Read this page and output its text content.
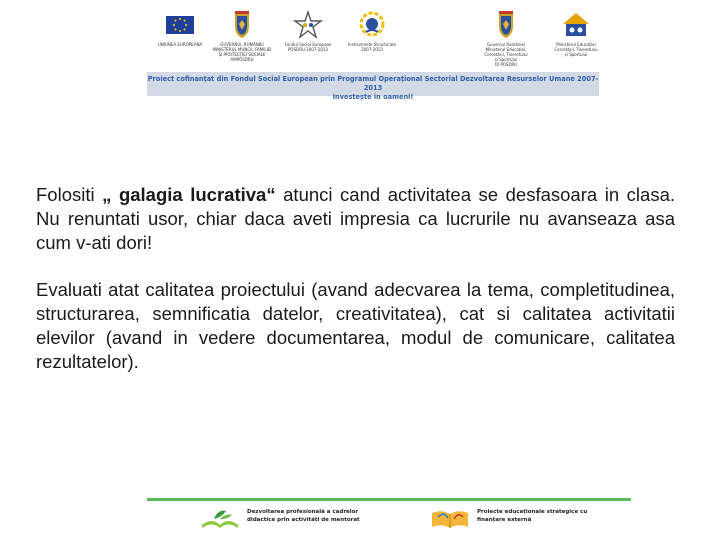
UNIUNEA EUROPEANA	GUVERNUL ROMÂNIEI
MINISTERUL MUNCII, FAMILIEI
ȘI PROTECȚIEI SOCIALE
AMPOSDRU
Fondul Social European
POSDRU 2007-2013
Instrumente Structurale
2007-2013
Guvernul României
Ministerul Educației,
Cercetării, Tineretului
și Sportului
OI POSDRU
Ministerul Educației
Cercetării, Tineretului
și Sportului
Proiect cofinanțat din Fondul Social European prin Programul Operațional Sectorial Dezvoltarea Resurselor Umane 2007-2013
Investește în oameni!

Folositi „ galagia lucrativa“ atunci cand activitatea se desfasoara in clasa. Nu renuntati usor, chiar daca aveti impresia ca lucrurile nu avanseaza asa cum v-ati dori!

Evaluati atat calitatea proiectului (avand adecvarea la tema, completitudinea, structurarea, semnificatia datelor, creativitatea), cat si calitatea activitatii elevilor (avand in vedere documentarea, modul de comunicare, calitatea rezultatelor).

Dezvoltarea profesională a cadrelor didactice prin activități de mentorat
Proiecte educaționale strategice cu finanțare externă
